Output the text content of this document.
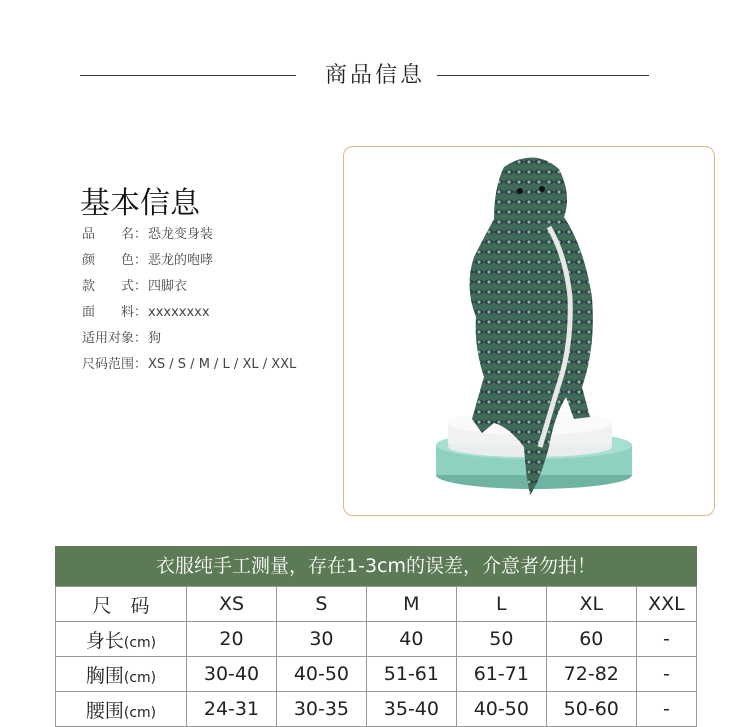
商品信息
基本信息
品　　名：恐龙变身装
颜　　色：恶龙的咆哮
款　　式：四脚衣
面　　料：xxxxxxxx
适用对象：狗
尺码范围：XS / S / M / L / XL / XXL
衣服纯手工测量，存在1-3cm的误差，介意者勿拍！
尺　码	XS	S	M	L	XL	XXL
身长(cm)	20	30	40	50	60	-
胸围(cm)	30-40	40-50	51-61	61-71	72-82	-
腰围(cm)	24-31	30-35	35-40	40-50	50-60	-
